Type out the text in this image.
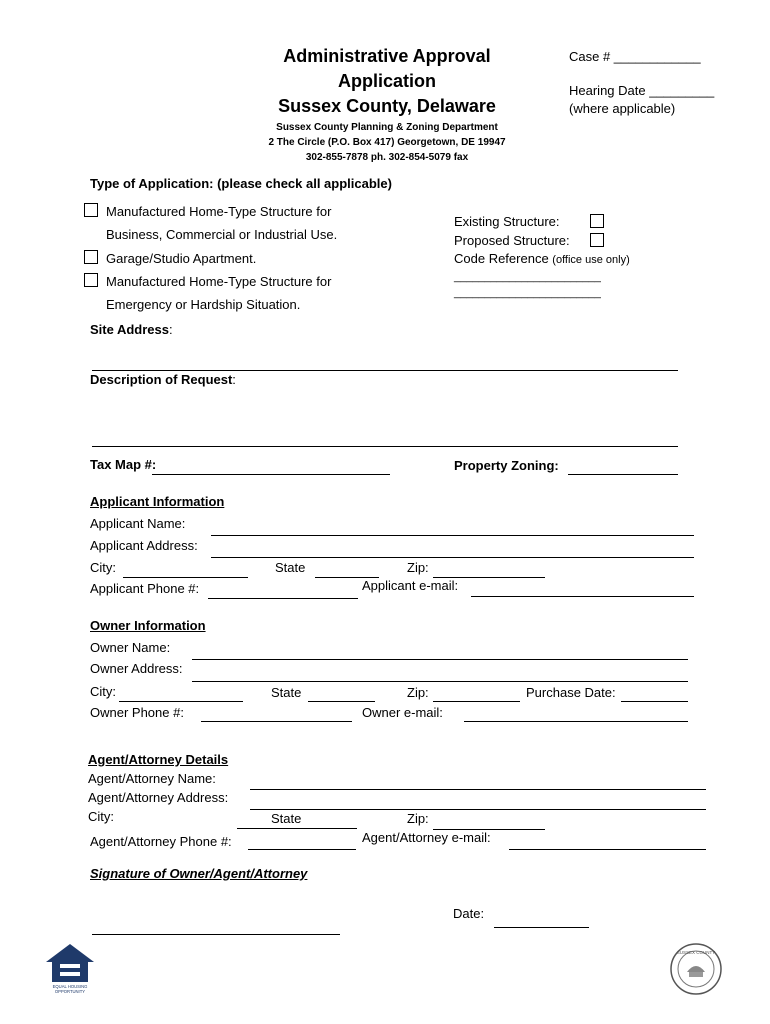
Administrative Approval
Application
Sussex County, Delaware
Case # ____________
Hearing Date _________
(where applicable)
Sussex County Planning & Zoning Department
2 The Circle (P.O. Box 417) Georgetown, DE 19947
302-855-7878 ph. 302-854-5079 fax
Type of Application: (please check all applicable)
Manufactured Home-Type Structure for
Business, Commercial or Industrial Use.
Garage/Studio Apartment.
Manufactured Home-Type Structure for
Emergency or Hardship Situation.
Existing Structure:
Proposed Structure:
Code Reference (office use only)
________________________
________________________
Site Address:
Description of Request:
Tax Map #:	Property Zoning:
Applicant Information
Applicant Name:
Applicant Address:
City:	State	Zip:
Applicant Phone #:	Applicant e-mail:
Owner Information
Owner Name:
Owner Address:
City:	State	Zip:	Purchase Date:
Owner Phone #:	Owner e-mail:
Agent/Attorney Details
Agent/Attorney Name:
Agent/Attorney Address:
City:	State	Zip:
Agent/Attorney Phone #:	Agent/Attorney e-mail:
Signature of Owner/Agent/Attorney
Date:
EQUAL HOUSING
OPPORTUNITY
SUSSEX COUNTY
